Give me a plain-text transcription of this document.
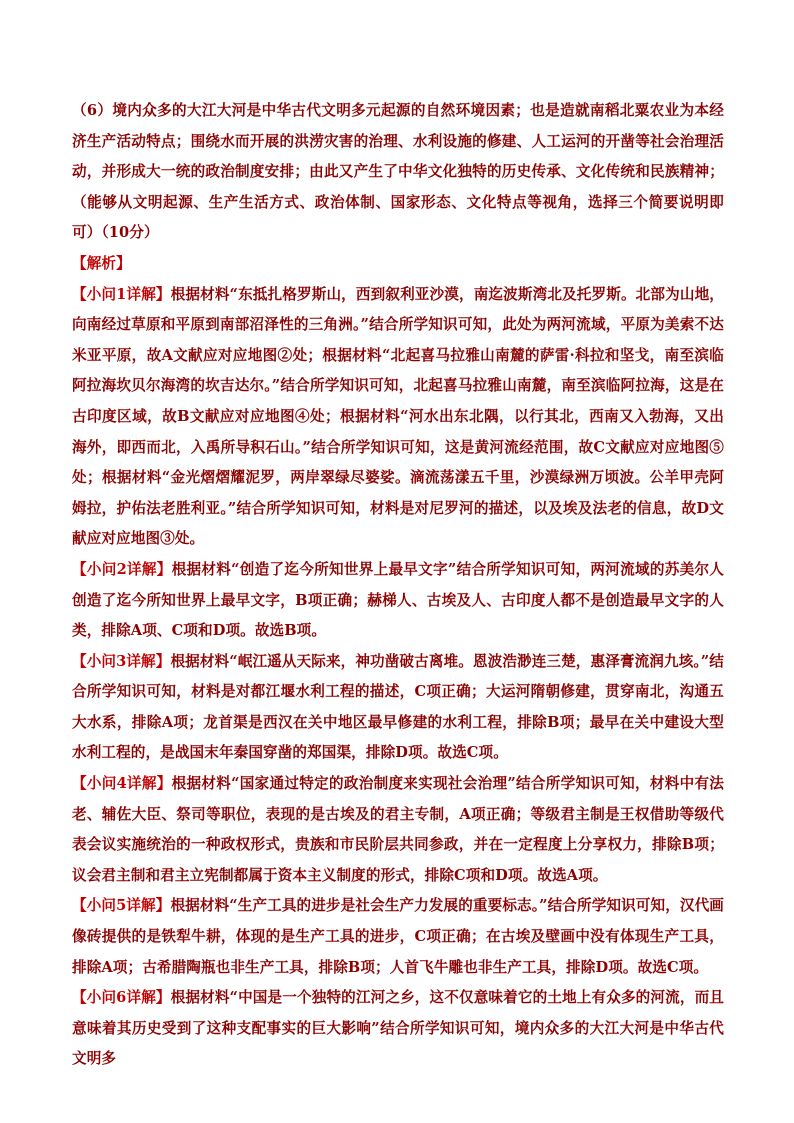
（6）境内众多的大江大河是中华古代文明多元起源的自然环境因素；也是造就南稻北粟农业为本经济生产活动特点；围绕水而开展的洪涝灾害的治理、水利设施的修建、人工运河的开凿等社会治理活动，并形成大一统的政治制度安排；由此又产生了中华文化独特的历史传承、文化传统和民族精神；（能够从文明起源、生产生活方式、政治体制、国家形态、文化特点等视角，选择三个简要说明即可）（10分）

【解析】

【小问1详解】根据材料“东抵扎格罗斯山，西到叙利亚沙漠，南迄波斯湾北及托罗斯。北部为山地，向南经过草原和平原到南部沼泽性的三角洲。”结合所学知识可知，此处为两河流域，平原为美索不达米亚平原，故A文献应对应地图②处；根据材料“北起喜马拉雅山南麓的萨雷·科拉和坚戈，南至滨临阿拉海坎贝尔海湾的坎吉达尔。”结合所学知识可知，北起喜马拉雅山南麓，南至滨临阿拉海，这是在古印度区域，故B文献应对应地图④处；根据材料“河水出东北隅，以行其北，西南又入勃海，又出海外，即西而北，入禹所导积石山。”结合所学知识可知，这是黄河流经范围，故C文献应对应地图⑤处；根据材料“金光熠熠耀泥罗，两岸翠绿尽婆娑。滴流荡漾五千里，沙漠绿洲万顷波。公羊甲壳阿姆拉，护佑法老胜利亚。”结合所学知识可知，材料是对尼罗河的描述，以及埃及法老的信息，故D文献应对应地图③处。

【小问2详解】根据材料“创造了迄今所知世界上最早文字”结合所学知识可知，两河流域的苏美尔人创造了迄今所知世界上最早文字，B项正确；赫梯人、古埃及人、古印度人都不是创造最早文字的人类，排除A项、C项和D项。故选B项。

【小问3详解】根据材料“岷江遥从天际来，神功凿破古离堆。恩波浩渺连三楚，惠泽膏流润九垓。”结合所学知识可知，材料是对都江堰水利工程的描述，C项正确；大运河隋朝修建，贯穿南北，沟通五大水系，排除A项；龙首渠是西汉在关中地区最早修建的水利工程，排除B项；最早在关中建设大型水利工程的，是战国末年秦国穿凿的郑国渠，排除D项。故选C项。

【小问4详解】根据材料“国家通过特定的政治制度来实现社会治理”结合所学知识可知，材料中有法老、辅佐大臣、祭司等职位，表现的是古埃及的君主专制，A项正确；等级君主制是王权借助等级代表会议实施统治的一种政权形式，贵族和市民阶层共同参政，并在一定程度上分享权力，排除B项；议会君主制和君主立宪制都属于资本主义制度的形式，排除C项和D项。故选A项。

【小问5详解】根据材料“生产工具的进步是社会生产力发展的重要标志。”结合所学知识可知，汉代画像砖提供的是铁犁牛耕，体现的是生产工具的进步，C项正确；在古埃及壁画中没有体现生产工具，排除A项；古希腊陶瓶也非生产工具，排除B项；人首飞牛雕也非生产工具，排除D项。故选C项。

【小问6详解】根据材料“中国是一个独特的江河之乡，这不仅意味着它的土地上有众多的河流，而且意味着其历史受到了这种支配事实的巨大影响”结合所学知识可知，境内众多的大江大河是中华古代文明多
